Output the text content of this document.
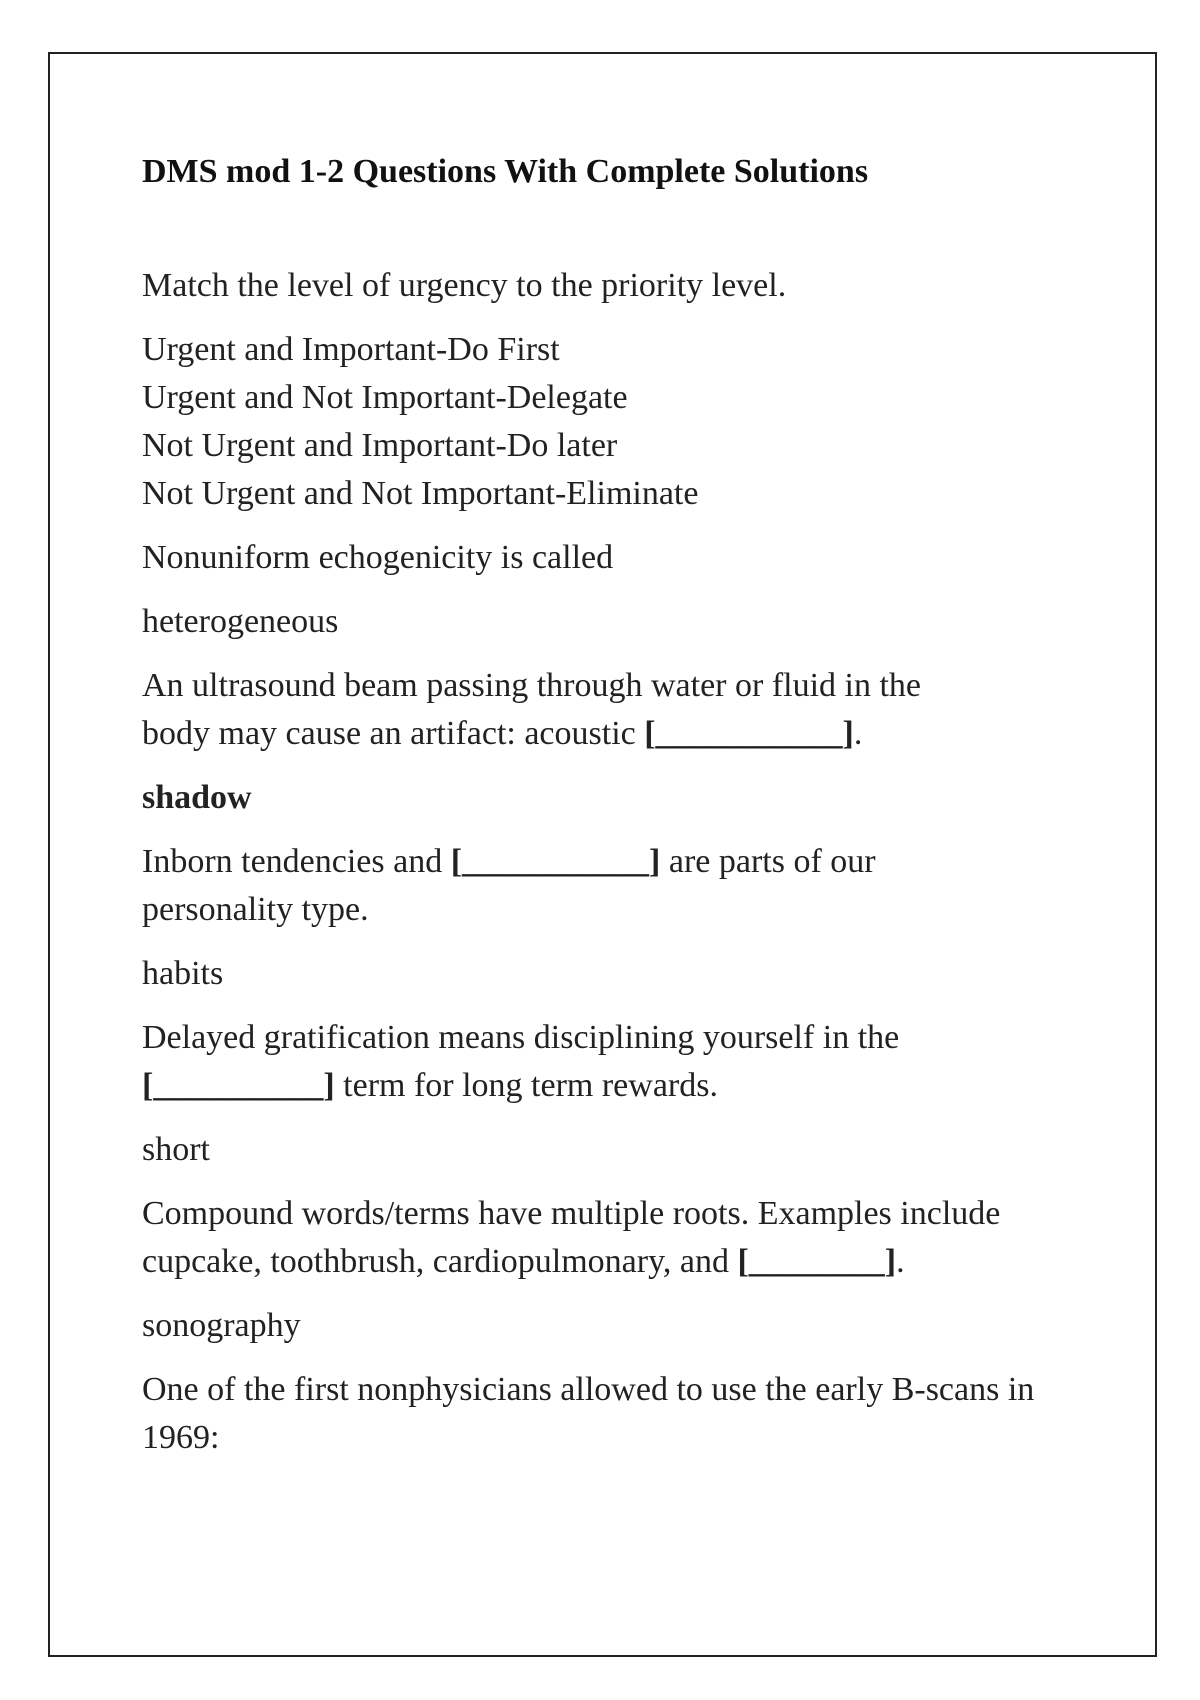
DMS mod 1-2 Questions With Complete Solutions
Match the level of urgency to the priority level.
Urgent and Important-Do First
Urgent and Not Important-Delegate
Not Urgent and Important-Do later
Not Urgent and Not Important-Eliminate
Nonuniform echogenicity is called
heterogeneous
An ultrasound beam passing through water or fluid in the body may cause an artifact: acoustic [___________].
shadow
Inborn tendencies and [___________] are parts of our personality type.
habits
Delayed gratification means disciplining yourself in the [__________] term for long term rewards.
short
Compound words/terms have multiple roots. Examples include cupcake, toothbrush, cardiopulmonary, and [________].
sonography
One of the first nonphysicians allowed to use the early B-scans in 1969:
